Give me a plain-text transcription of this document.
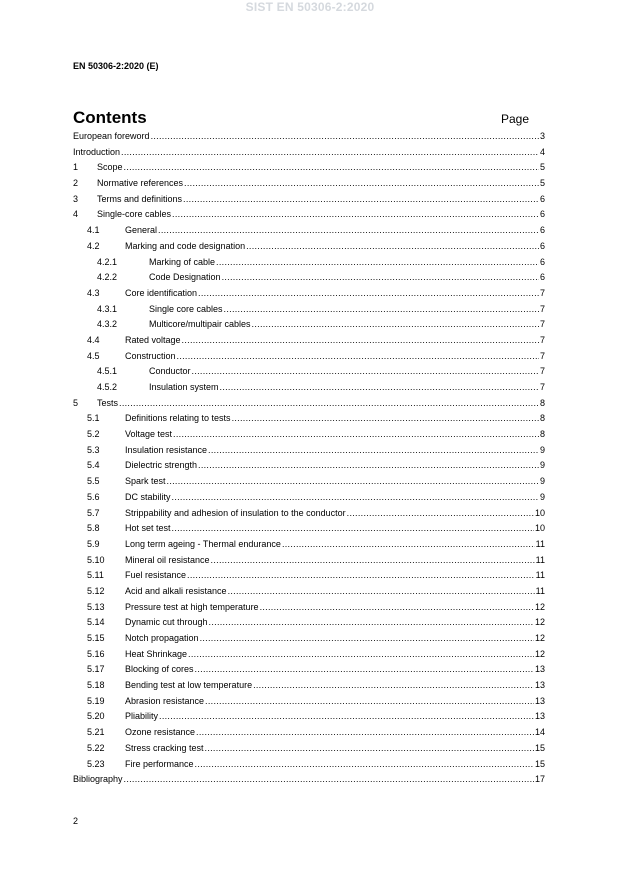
SIST EN 50306-2:2020
EN 50306-2:2020 (E)
Contents	Page
European foreword .....	3
Introduction .....	4
1 Scope .....	5
2 Normative references .....	5
3 Terms and definitions .....	6
4 Single-core cables .....	6
4.1	General .....	6
4.2	Marking and code designation .....	6
4.2.1	Marking of cable .....	6
4.2.2	Code Designation .....	6
4.3	Core identification .....	7
4.3.1	Single core cables .....	7
4.3.2	Multicore/multipair cables .....	7
4.4	Rated voltage .....	7
4.5	Construction .....	7
4.5.1	Conductor .....	7
4.5.2	Insulation system .....	7
5 Tests .....	8
5.1	Definitions relating to tests .....	8
5.2	Voltage test .....	8
5.3	Insulation resistance .....	9
5.4	Dielectric strength .....	9
5.5	Spark test .....	9
5.6	DC stability .....	9
5.7	Strippability and adhesion of insulation to the conductor .....	10
5.8	Hot set test .....	10
5.9	Long term ageing - Thermal endurance .....	11
5.10 Mineral oil resistance .....	11
5.11 Fuel resistance .....	11
5.12 Acid and alkali resistance .....	11
5.13 Pressure test at high temperature .....	12
5.14 Dynamic cut through .....	12
5.15 Notch propagation .....	12
5.16 Heat Shrinkage .....	12
5.17 Blocking of cores .....	13
5.18 Bending test at low temperature .....	13
5.19 Abrasion resistance .....	13
5.20 Pliability .....	13
5.21 Ozone resistance .....	14
5.22 Stress cracking test .....	15
5.23 Fire performance .....	15
Bibliography .....	17
2
